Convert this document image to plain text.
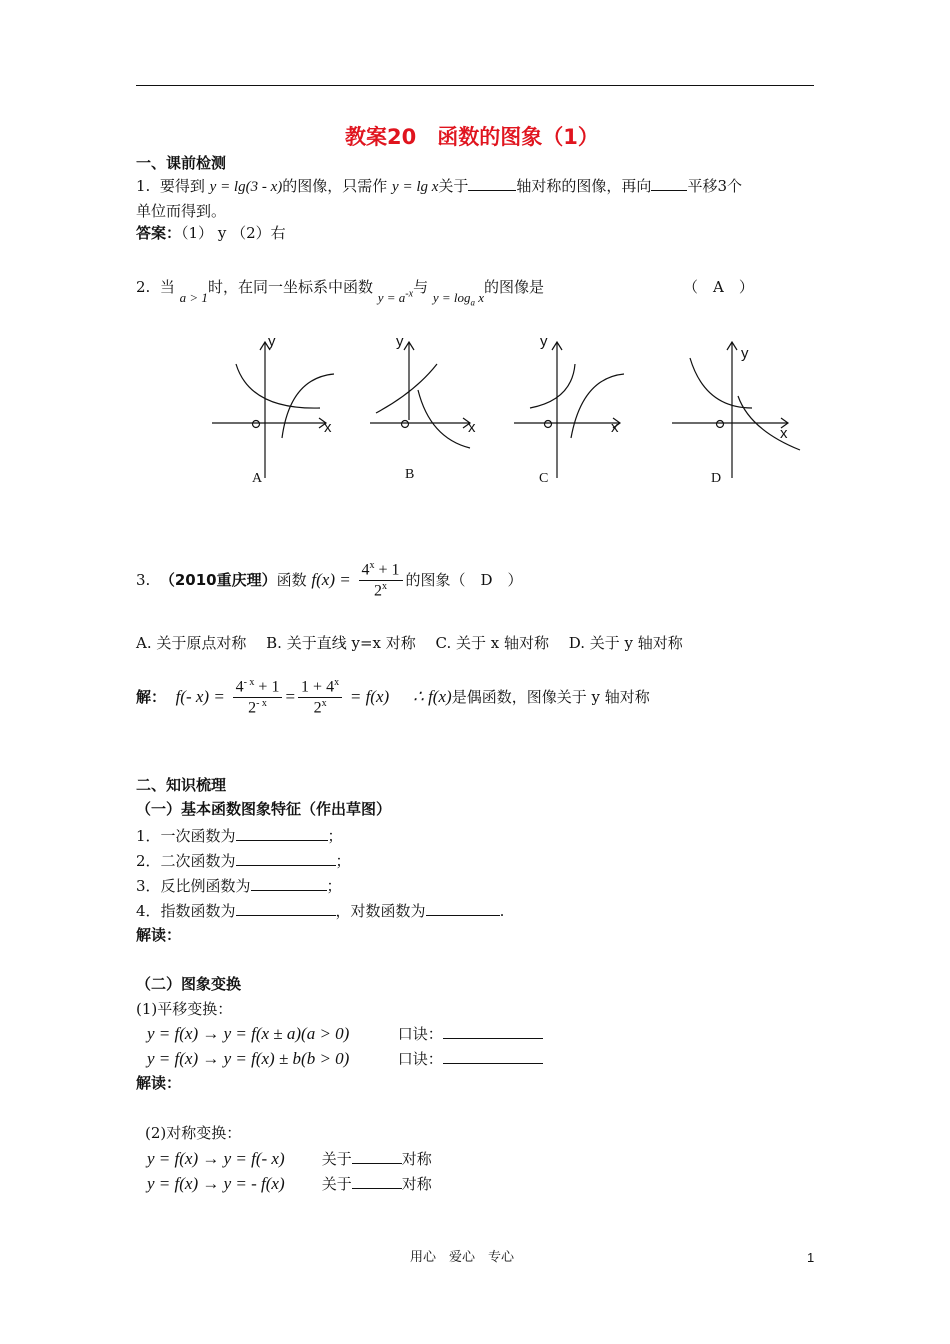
教案20　函数的图象（1）
一、课前检测
1. 要得到 y = lg(3 - x)的图像，只需作 y = lg x关于	轴对称的图像，再向 平移3个
单位而得到。
答案：（1） y （2）右
2. 当 a > 1时，在同一坐标系中函数 $y = a^{-x}$与 $y = \log_a x$的图像是	（　A　）
y
x
y
x
y
x
y
x
A	B	C	D
3. （2010重庆理）函数 $f(x) = \frac{4^x + 1}{2^x}$ 的图象（　D　）
A. 关于原点对称　 B. 关于直线 y=x 对称　 C. 关于 x 轴对称　 D. 关于 y 轴对称
解： f(- $x) = \frac{4^{- x} + 1}{2^{- x}} = \frac{1 + 4^x}{2^x} = f(x)$ ∴ f(x)是偶函数，图像关于 y 轴对称
二、知识梳理
（一）基本函数图象特征（作出草图）
1．一次函数为	；
2．二次函数为	；
3．反比例函数为	；
4．指数函数为	，对数函数为	.
解读：
（二）图象变换
(1)平移变换：
y = f(x) → y = f(x ± a)(a > 0)	口诀：
y = f(x) → y = f(x) ± b(b > 0)	口诀：
解读：
(2)对称变换：
y = f(x) → y = f(- x) 关于	对称
y = f(x) → y = - f(x) 关于	对称
用心　爱心　专心	1
